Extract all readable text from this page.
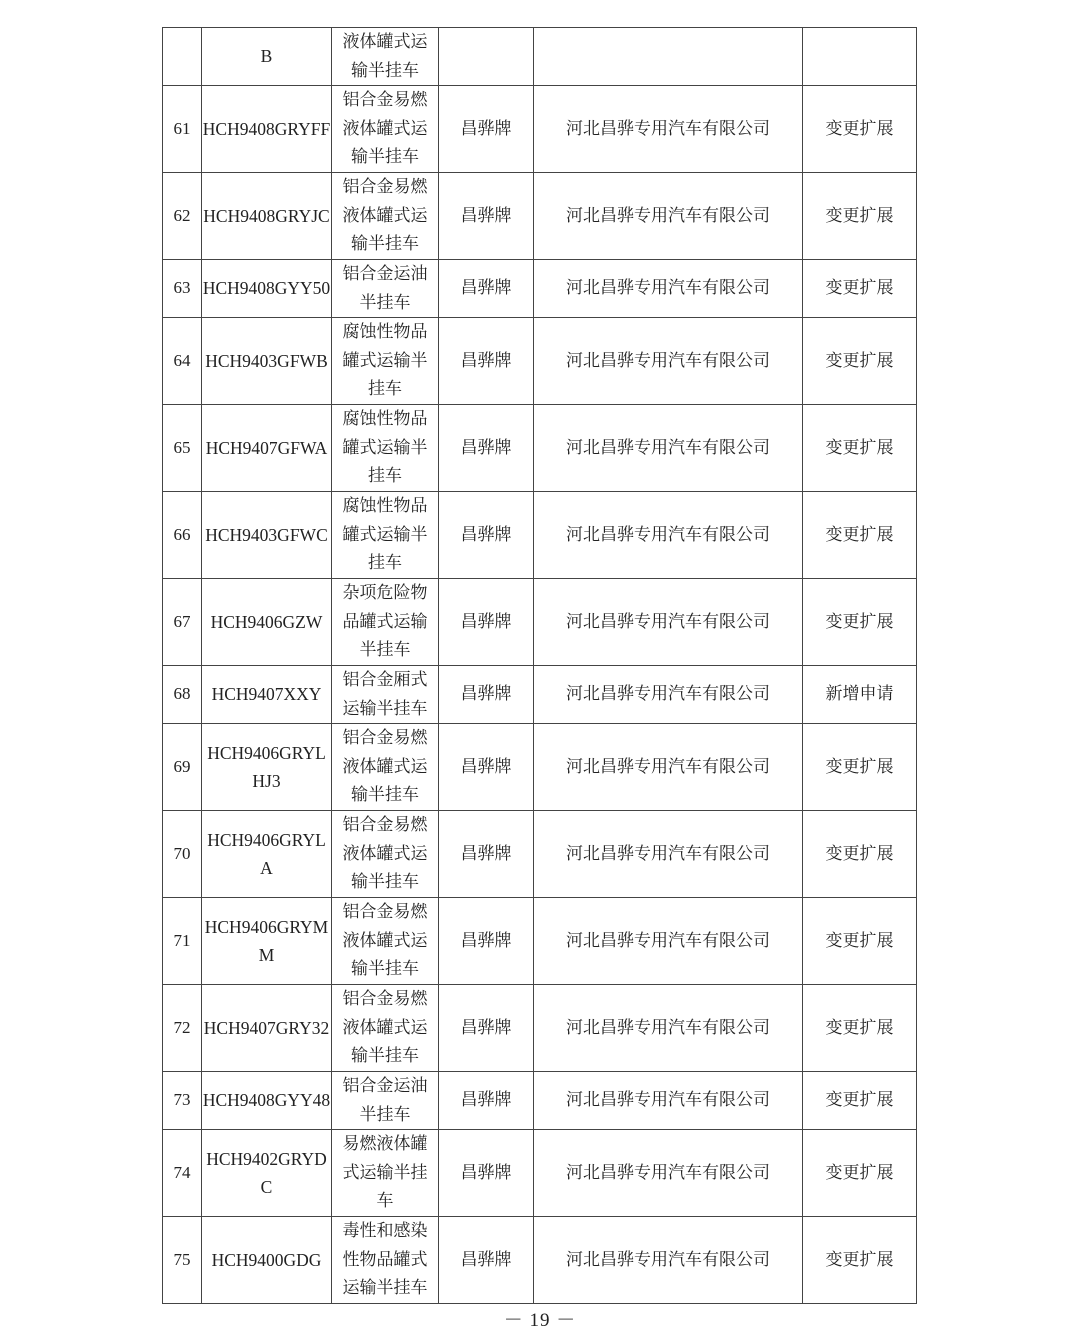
	B	液体罐式运输半挂车			
61	HCH9408GRYFF	铝合金易燃液体罐式运输半挂车	昌骅牌	河北昌骅专用汽车有限公司	变更扩展
62	HCH9408GRYJC	铝合金易燃液体罐式运输半挂车	昌骅牌	河北昌骅专用汽车有限公司	变更扩展
63	HCH9408GYY50	铝合金运油半挂车	昌骅牌	河北昌骅专用汽车有限公司	变更扩展
64	HCH9403GFWB	腐蚀性物品罐式运输半挂车	昌骅牌	河北昌骅专用汽车有限公司	变更扩展
65	HCH9407GFWA	腐蚀性物品罐式运输半挂车	昌骅牌	河北昌骅专用汽车有限公司	变更扩展
66	HCH9403GFWC	腐蚀性物品罐式运输半挂车	昌骅牌	河北昌骅专用汽车有限公司	变更扩展
67	HCH9406GZW	杂项危险物品罐式运输半挂车	昌骅牌	河北昌骅专用汽车有限公司	变更扩展
68	HCH9407XXY	铝合金厢式运输半挂车	昌骅牌	河北昌骅专用汽车有限公司	新增申请
69	HCH9406GRYLHJ3	铝合金易燃液体罐式运输半挂车	昌骅牌	河北昌骅专用汽车有限公司	变更扩展
70	HCH9406GRYLA	铝合金易燃液体罐式运输半挂车	昌骅牌	河北昌骅专用汽车有限公司	变更扩展
71	HCH9406GRYMM	铝合金易燃液体罐式运输半挂车	昌骅牌	河北昌骅专用汽车有限公司	变更扩展
72	HCH9407GRY32	铝合金易燃液体罐式运输半挂车	昌骅牌	河北昌骅专用汽车有限公司	变更扩展
73	HCH9408GYY48	铝合金运油半挂车	昌骅牌	河北昌骅专用汽车有限公司	变更扩展
74	HCH9402GRYDC	易燃液体罐式运输半挂车	昌骅牌	河北昌骅专用汽车有限公司	变更扩展
75	HCH9400GDG	毒性和感染性物品罐式运输半挂车	昌骅牌	河北昌骅专用汽车有限公司	变更扩展
－ 19 －
